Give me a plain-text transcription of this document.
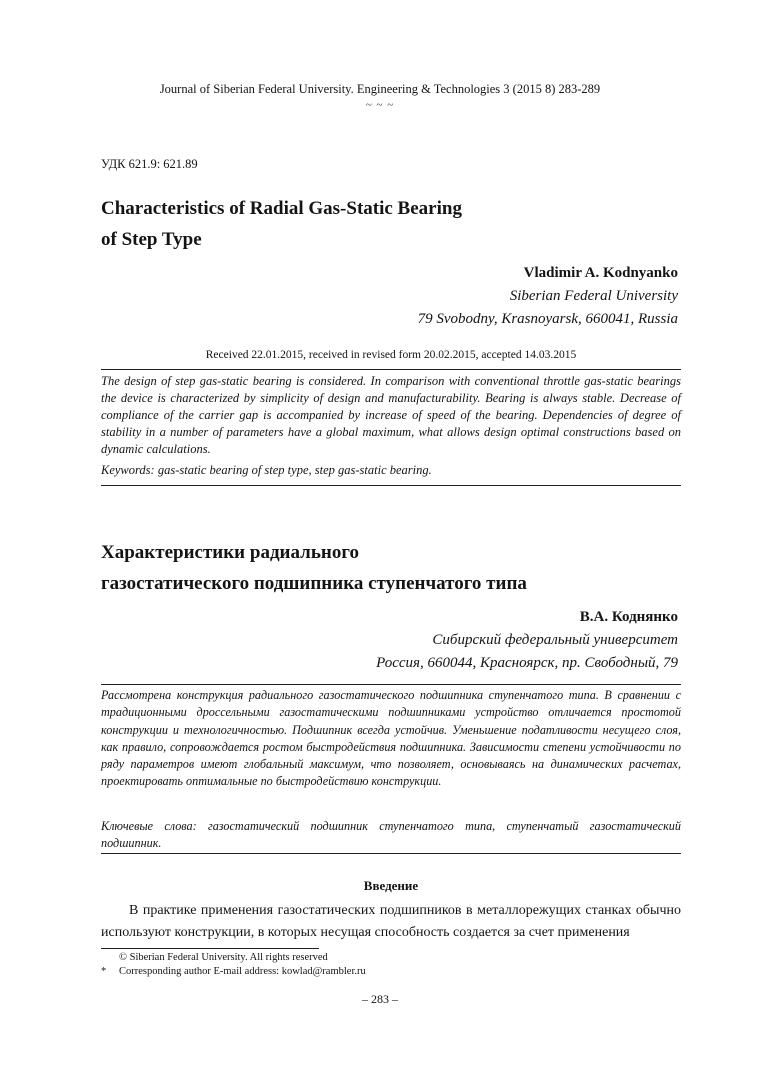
Journal of Siberian Federal University. Engineering & Technologies 3 (2015 8) 283-289
~ ~ ~
УДК 621.9: 621.89
Characteristics of Radial Gas-Static Bearing
of Step Type
Vladimir A. Kodnyanko
Siberian Federal University
79 Svobodny, Krasnoyarsk, 660041, Russia
Received 22.01.2015, received in revised form 20.02.2015, accepted 14.03.2015
The design of step gas-static bearing is considered. In comparison with conventional throttle gas-static bearings the device is characterized by simplicity of design and manufacturability. Bearing is always stable. Decrease of compliance of the carrier gap is accompanied by increase of speed of the bearing. Dependencies of degree of stability in a number of parameters have a global maximum, what allows design optimal constructions based on dynamic calculations.
Keywords: gas-static bearing of step type, step gas-static bearing.
Характеристики радиального
газостатического подшипника ступенчатого типа
В.А. Коднянко
Сибирский федеральный университет
Россия, 660044, Красноярск, пр. Свободный, 79
Рассмотрена конструкция радиального газостатического подшипника ступенчатого типа. В сравнении с традиционными дроссельными газостатическими подшипниками устройство отличается простотой конструкции и технологичностью. Подшипник всегда устойчив. Уменьшение податливости несущего слоя, как правило, сопровождается ростом быстродействия подшипника. Зависимости степени устойчивости по ряду параметров имеют глобальный максимум, что позволяет, основываясь на динамических расчетах, проектировать оптимальные по быстродействию конструкции.
Ключевые слова: газостатический подшипник ступенчатого типа, ступенчатый газостатический подшипник.
Введение
В практике применения газостатических подшипников в металлорежущих станках обычно используют конструкции, в которых несущая способность создается за счет применения
© Siberian Federal University. All rights reserved
* Corresponding author E-mail address: kowlad@rambler.ru
– 283 –
